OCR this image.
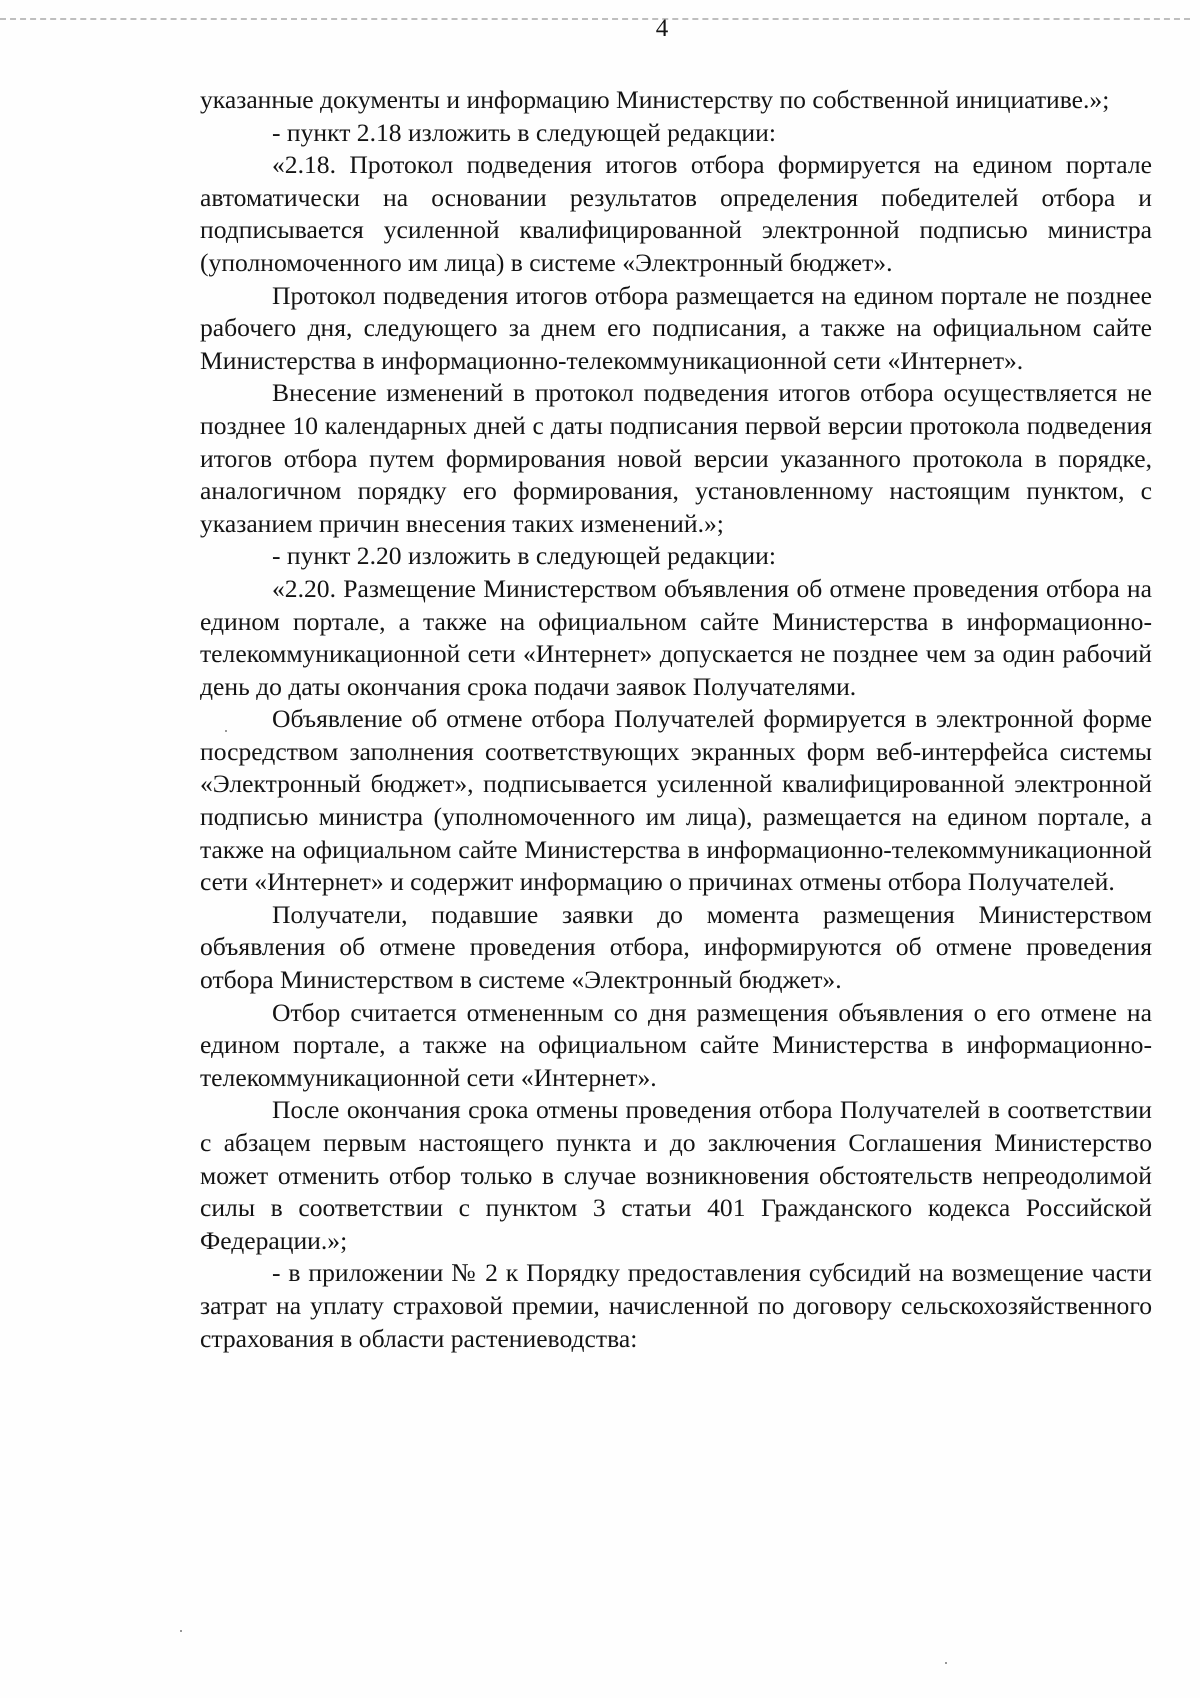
4

указанные документы и информацию Министерству по собственной инициативе.»;

- пункт 2.18 изложить в следующей редакции:

«2.18. Протокол подведения итогов отбора формируется на едином портале автоматически на основании результатов определения победителей отбора и подписывается усиленной квалифицированной электронной подписью министра (уполномоченного им лица) в системе «Электронный бюджет».

Протокол подведения итогов отбора размещается на едином портале не позднее рабочего дня, следующего за днем его подписания, а также на официальном сайте Министерства в информационно-телекоммуникационной сети «Интернет».

Внесение изменений в протокол подведения итогов отбора осуществляется не позднее 10 календарных дней с даты подписания первой версии протокола подведения итогов отбора путем формирования новой версии указанного протокола в порядке, аналогичном порядку его формирования, установленному настоящим пунктом, с указанием причин внесения таких изменений.»;

- пункт 2.20 изложить в следующей редакции:

«2.20. Размещение Министерством объявления об отмене проведения отбора на едином портале, а также на официальном сайте Министерства в информационно-телекоммуникационной сети «Интернет» допускается не позднее чем за один рабочий день до даты окончания срока подачи заявок Получателями.

Объявление об отмене отбора Получателей формируется в электронной форме посредством заполнения соответствующих экранных форм веб-интерфейса системы «Электронный бюджет», подписывается усиленной квалифицированной электронной подписью министра (уполномоченного им лица), размещается на едином портале, а также на официальном сайте Министерства в информационно-телекоммуникационной сети «Интернет» и содержит информацию о причинах отмены отбора Получателей.

Получатели, подавшие заявки до момента размещения Министерством объявления об отмене проведения отбора, информируются об отмене проведения отбора Министерством в системе «Электронный бюджет».

Отбор считается отмененным со дня размещения объявления о его отмене на едином портале, а также на официальном сайте Министерства в информационно-телекоммуникационной сети «Интернет».

После окончания срока отмены проведения отбора Получателей в соответствии с абзацем первым настоящего пункта и до заключения Соглашения Министерство может отменить отбор только в случае возникновения обстоятельств непреодолимой силы в соответствии с пунктом 3 статьи 401 Гражданского кодекса Российской Федерации.»;

- в приложении № 2 к Порядку предоставления субсидий на возмещение части затрат на уплату страховой премии, начисленной по договору сельскохозяйственного страхования в области растениеводства:
